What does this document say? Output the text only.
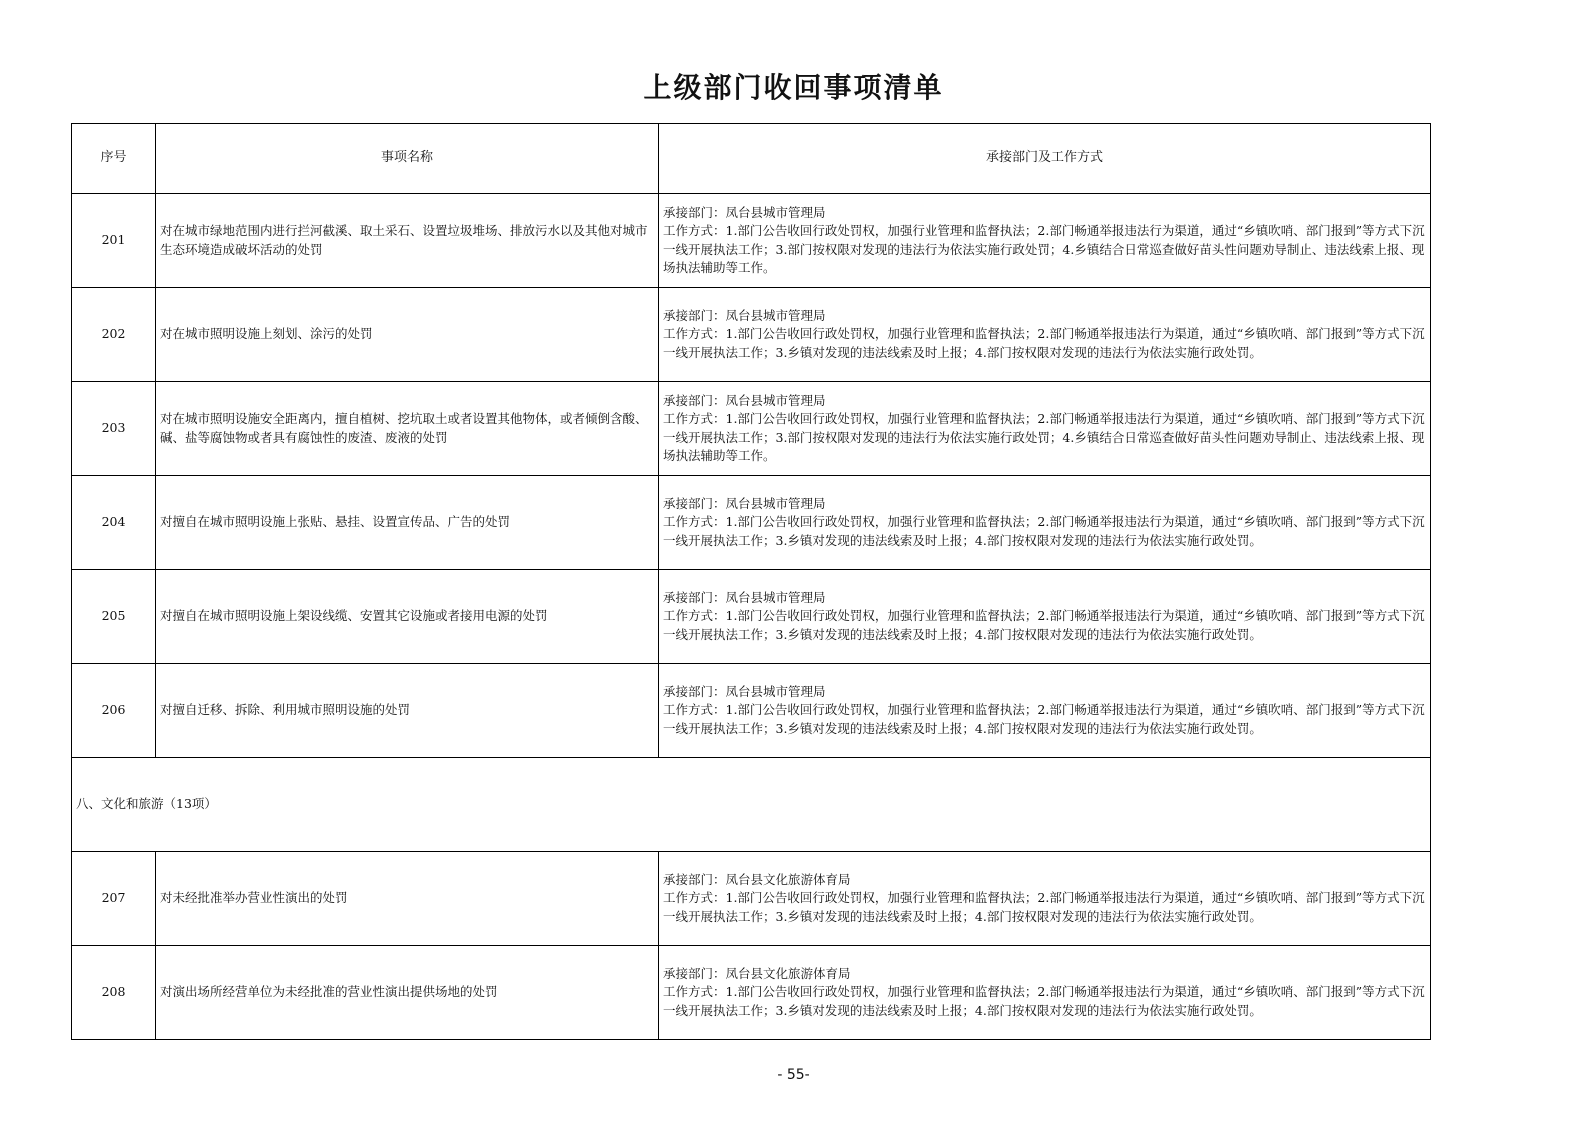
上级部门收回事项清单
序号	事项名称	承接部门及工作方式
201	对在城市绿地范围内进行拦河截溪、取土采石、设置垃圾堆场、排放污水以及其他对城市生态环境造成破坏活动的处罚	承接部门：凤台县城市管理局
工作方式：1.部门公告收回行政处罚权，加强行业管理和监督执法；2.部门畅通举报违法行为渠道，通过“乡镇吹哨、部门报到”等方式下沉一线开展执法工作；3.部门按权限对发现的违法行为依法实施行政处罚；4.乡镇结合日常巡查做好苗头性问题劝导制止、违法线索上报、现场执法辅助等工作。

202	对在城市照明设施上刻划、涂污的处罚	承接部门：凤台县城市管理局
工作方式：1.部门公告收回行政处罚权，加强行业管理和监督执法；2.部门畅通举报违法行为渠道，通过“乡镇吹哨、部门报到”等方式下沉一线开展执法工作；3.乡镇对发现的违法线索及时上报；4.部门按权限对发现的违法行为依法实施行政处罚。

203	对在城市照明设施安全距离内，擅自植树、挖坑取土或者设置其他物体，或者倾倒含酸、碱、盐等腐蚀物或者具有腐蚀性的废渣、废液的处罚	承接部门：凤台县城市管理局
工作方式：1.部门公告收回行政处罚权，加强行业管理和监督执法；2.部门畅通举报违法行为渠道，通过“乡镇吹哨、部门报到”等方式下沉一线开展执法工作；3.部门按权限对发现的违法行为依法实施行政处罚；4.乡镇结合日常巡查做好苗头性问题劝导制止、违法线索上报、现场执法辅助等工作。

204	对擅自在城市照明设施上张贴、悬挂、设置宣传品、广告的处罚	承接部门：凤台县城市管理局
工作方式：1.部门公告收回行政处罚权，加强行业管理和监督执法；2.部门畅通举报违法行为渠道，通过“乡镇吹哨、部门报到”等方式下沉一线开展执法工作；3.乡镇对发现的违法线索及时上报；4.部门按权限对发现的违法行为依法实施行政处罚。

205	对擅自在城市照明设施上架设线缆、安置其它设施或者接用电源的处罚	承接部门：凤台县城市管理局
工作方式：1.部门公告收回行政处罚权，加强行业管理和监督执法；2.部门畅通举报违法行为渠道，通过“乡镇吹哨、部门报到”等方式下沉一线开展执法工作；3.乡镇对发现的违法线索及时上报；4.部门按权限对发现的违法行为依法实施行政处罚。

206	对擅自迁移、拆除、利用城市照明设施的处罚	承接部门：凤台县城市管理局
工作方式：1.部门公告收回行政处罚权，加强行业管理和监督执法；2.部门畅通举报违法行为渠道，通过“乡镇吹哨、部门报到”等方式下沉一线开展执法工作；3.乡镇对发现的违法线索及时上报；4.部门按权限对发现的违法行为依法实施行政处罚。

八、文化和旅游（13项）		
207	对未经批准举办营业性演出的处罚	承接部门：凤台县文化旅游体育局
工作方式：1.部门公告收回行政处罚权，加强行业管理和监督执法；2.部门畅通举报违法行为渠道，通过“乡镇吹哨、部门报到”等方式下沉一线开展执法工作；3.乡镇对发现的违法线索及时上报；4.部门按权限对发现的违法行为依法实施行政处罚。

208	对演出场所经营单位为未经批准的营业性演出提供场地的处罚	承接部门：凤台县文化旅游体育局
工作方式：1.部门公告收回行政处罚权，加强行业管理和监督执法；2.部门畅通举报违法行为渠道，通过“乡镇吹哨、部门报到”等方式下沉一线开展执法工作；3.乡镇对发现的违法线索及时上报；4.部门按权限对发现的违法行为依法实施行政处罚。
- 55-
